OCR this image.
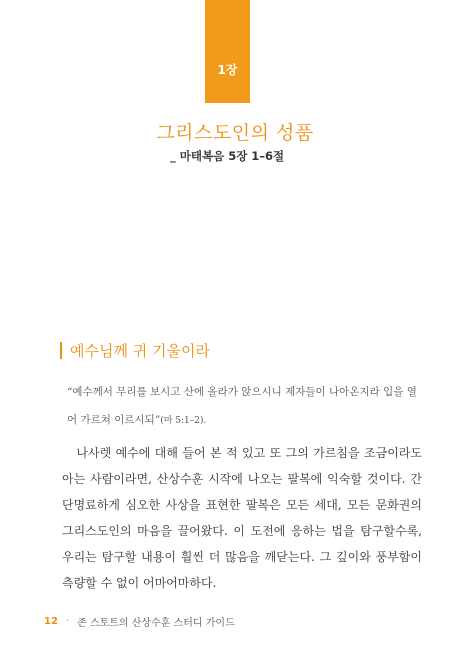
1장
그리스도인의 성품
_ 마태복음 5장 1–6절
예수님께 귀 기울이라
“예수께서 무리를 보시고 산에 올라가 앉으시니 제자들이 나아온지라 입을 열어 가르쳐 이르시되”(마 5:1–2).
나사렛 예수에 대해 들어 본 적 있고 또 그의 가르침을 조금이라도 아는 사람이라면, 산상수훈 시작에 나오는 팔복에 익숙할 것이다. 간단명료하게 심오한 사상을 표현한 팔복은 모든 세대, 모든 문화권의 그리스도인의 마음을 끌어왔다. 이 도전에 응하는 법을 탐구할수록, 우리는 탐구할 내용이 훨씬 더 많음을 깨닫는다. 그 깊이와 풍부함이 측량할 수 없이 어마어마하다.
12 · 존 스토트의 산상수훈 스터디 가이드
